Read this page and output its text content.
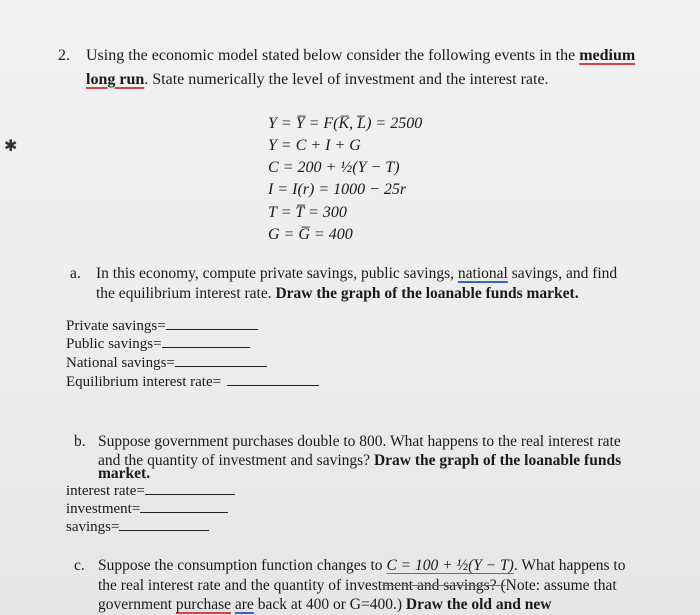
✱
2. Using the economic model stated below consider the following events in the medium
long run. State numerically the level of investment and the interest rate.
Y = Y̅ = F(K̅, L̅) = 2500
Y = C + I + G
C = 200 + ½(Y − T)
I = I(r) = 1000 − 25r
T = T̅ = 300
G = G̅ = 400
a. In this economy, compute private savings, public savings, national savings, and find
the equilibrium interest rate. Draw the graph of the loanable funds market.
Private savings=
Public savings=
National savings=
Equilibrium interest rate=
b. Suppose government purchases double to 800. What happens to the real interest rate
and the quantity of investment and savings? Draw the graph of the loanable funds
market.
interest rate=
investment=
savings=
c. Suppose the consumption function changes to C = 100 + ½(Y − T). What happens to
the real interest rate and the quantity of investment and savings? (Note: assume that
government purchase are back at 400 or G=400.) Draw the old and new
